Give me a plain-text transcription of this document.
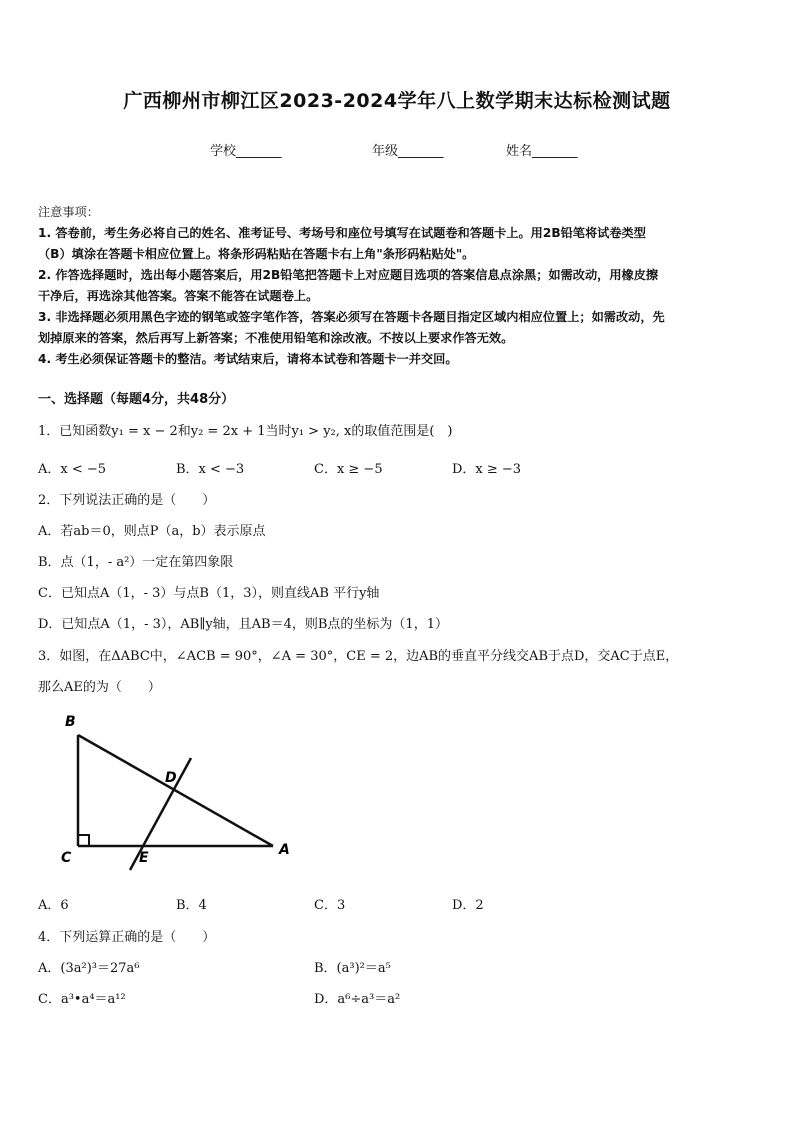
广西柳州市柳江区2023-2024学年八上数学期末达标检测试题
学校_______	年级_______	姓名_______
注意事项：
1. 答卷前，考生务必将自己的姓名、准考证号、考场号和座位号填写在试题卷和答题卡上。用2B铅笔将试卷类型
（B）填涂在答题卡相应位置上。将条形码粘贴在答题卡右上角"条形码粘贴处"。
2. 作答选择题时，选出每小题答案后，用2B铅笔把答题卡上对应题目选项的答案信息点涂黑；如需改动，用橡皮擦
干净后，再选涂其他答案。答案不能答在试题卷上。
3. 非选择题必须用黑色字迹的钢笔或签字笔作答，答案必须写在答题卡各题目指定区域内相应位置上；如需改动，先
划掉原来的答案，然后再写上新答案；不准使用铅笔和涂改液。不按以上要求作答无效。
4. 考生必须保证答题卡的整洁。考试结束后，请将本试卷和答题卡一并交回。
一、选择题（每题4分，共48分）
1．已知函数y₁ = x − 2和y₂ = 2x + 1当时y₁ > y₂, x的取值范围是(　)
A．x < −5	B．x < −3	C．x ≥ −5	D．x ≥ −3
2．下列说法正确的是（　　）
A．若ab＝0，则点P（a，b）表示原点
B．点（1，- a²）一定在第四象限
C．已知点A（1，- 3）与点B（1，3），则直线AB 平行y轴
D．已知点A（1，- 3），AB∥y轴，且AB＝4，则B点的坐标为（1，1）
3．如图，在ΔABC中，∠ACB = 90°，∠A = 30°，CE = 2，边AB的垂直平分线交AB于点D，交AC于点E，
那么AE的为（　　）
B
C	A
D
E
A．6	B．4	C．3	D．2
4．下列运算正确的是（　　）
A．(3a²)³＝27a⁶	B．(a³)²＝a⁵
C．a³•a⁴＝a¹²	D．a⁶÷a³＝a²
